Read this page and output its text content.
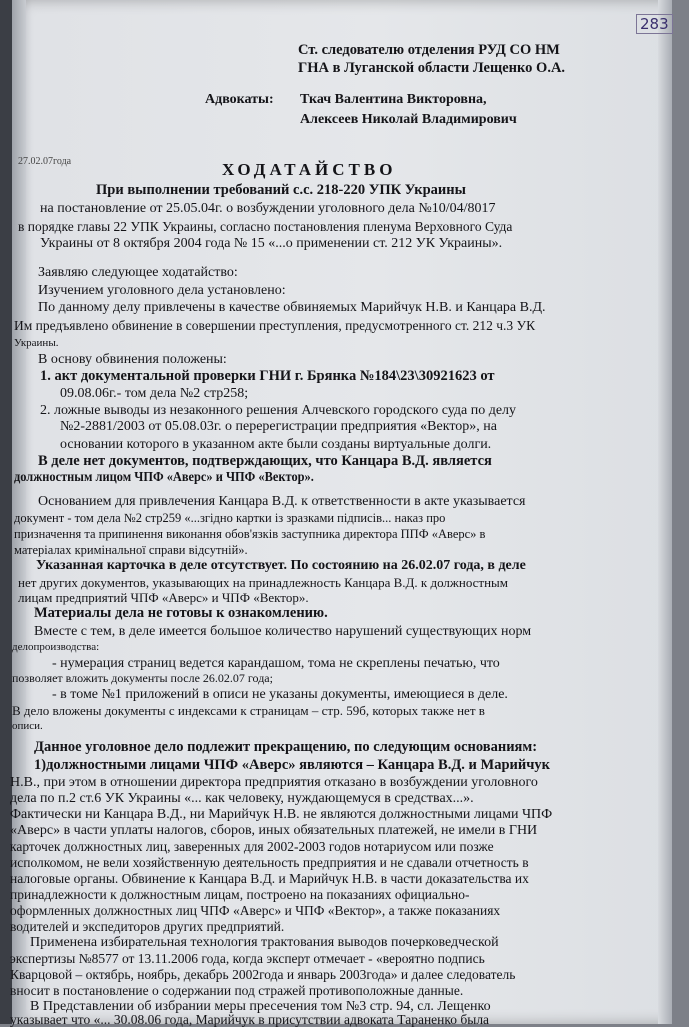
283
Ст. следователю отделения РУД СО НМ
ГНА в Луганской области Лещенко О.А.
Адвокаты: Ткач Валентина Викторовна,
Алексеев Николай Владимирович
27.02.07года	ХОДАТАЙСТВО
При выполнении требований с.с. 218-220 УПК Украины
на постановление от 25.05.04г. о возбуждении уголовного дела №10/04/8017
в порядке главы 22 УПК Украины, согласно постановления пленума Верховного Суда
Украины от 8 октября 2004 года № 15 «...о применении ст. 212 УК Украины».
Заявляю следующее ходатайство:
Изучением уголовного дела установлено:
По данному делу привлечены в качестве обвиняемых Марийчук Н.В. и Канцара В.Д.
Им предъявлено обвинение в совершении преступления, предусмотренного ст. 212 ч.3 УК
Украины.
В основу обвинения положены:
1. акт документальной проверки ГНИ г. Брянка №184\23\30921623 от
09.08.06г.- том дела №2 стр258;
2. ложные выводы из незаконного решения Алчевского городского суда по делу
№2-2881/2003 от 05.08.03г. о перерегистрации предприятия «Вектор», на
основании которого в указанном акте были созданы виртуальные долги.
В деле нет документов, подтверждающих, что Канцара В.Д. является
должностным лицом ЧПФ «Аверс» и ЧПФ «Вектор».
Основанием для привлечения Канцара В.Д. к ответственности в акте указывается
документ - том дела №2 стр259 «...згідно картки із зразками підписів... наказ про
призначення та припинення виконання обов'язків заступника директора ППФ «Аверс» в
матеріалах кримінальної справи відсутній».
Указанная карточка в деле отсутствует. По состоянию на 26.02.07 года, в деле
нет других документов, указывающих на принадлежность Канцара В.Д. к должностным
лицам предприятий ЧПФ «Аверс» и ЧПФ «Вектор».
Материалы дела не готовы к ознакомлению.
Вместе с тем, в деле имеется большое количество нарушений существующих норм
делопроизводства:
- нумерация страниц ведется карандашом, тома не скреплены печатью, что
позволяет вложить документы после 26.02.07 года;
- в томе №1 приложений в описи не указаны документы, имеющиеся в деле.
В дело вложены документы с индексами к страницам – стр. 59б, которых также нет в
описи.
Данное уголовное дело подлежит прекращению, по следующим основаниям:
1)должностными лицами ЧПФ «Аверс» являются – Канцара В.Д. и Марийчук
Н.В., при этом в отношении директора предприятия отказано в возбуждении уголовного
дела по п.2 ст.6 УК Украины «... как человеку, нуждающемуся в средствах...».
Фактически ни Канцара В.Д., ни Марийчук Н.В. не являются должностными лицами ЧПФ
«Аверс» в части уплаты налогов, сборов, иных обязательных платежей, не имели в ГНИ
карточек должностных лиц, заверенных для 2002-2003 годов нотариусом или позже
исполкомом, не вели хозяйственную деятельность предприятия и не сдавали отчетность в
налоговые органы. Обвинение к Канцара В.Д. и Марийчук Н.В. в части доказательства их
принадлежности к должностным лицам, построено на показаниях официально-
оформленных должностных лиц ЧПФ «Аверс» и ЧПФ «Вектор», а также показаниях
водителей и экспедиторов других предприятий.
Применена избирательная технология трактования выводов почерковедческой
экспертизы №8577 от 13.11.2006 года, когда эксперт отмечает - «вероятно подпись
Кварцовой – октябрь, ноябрь, декабрь 2002года и январь 2003года» и далее следователь
вносит в постановление о содержании под стражей противоположные данные.
В Представлении об избрании меры пресечения том №3 стр. 94, сл. Лещенко
указывает что «... 30.08.06 года, Марийчук в присутствии адвоката Тараненко была
